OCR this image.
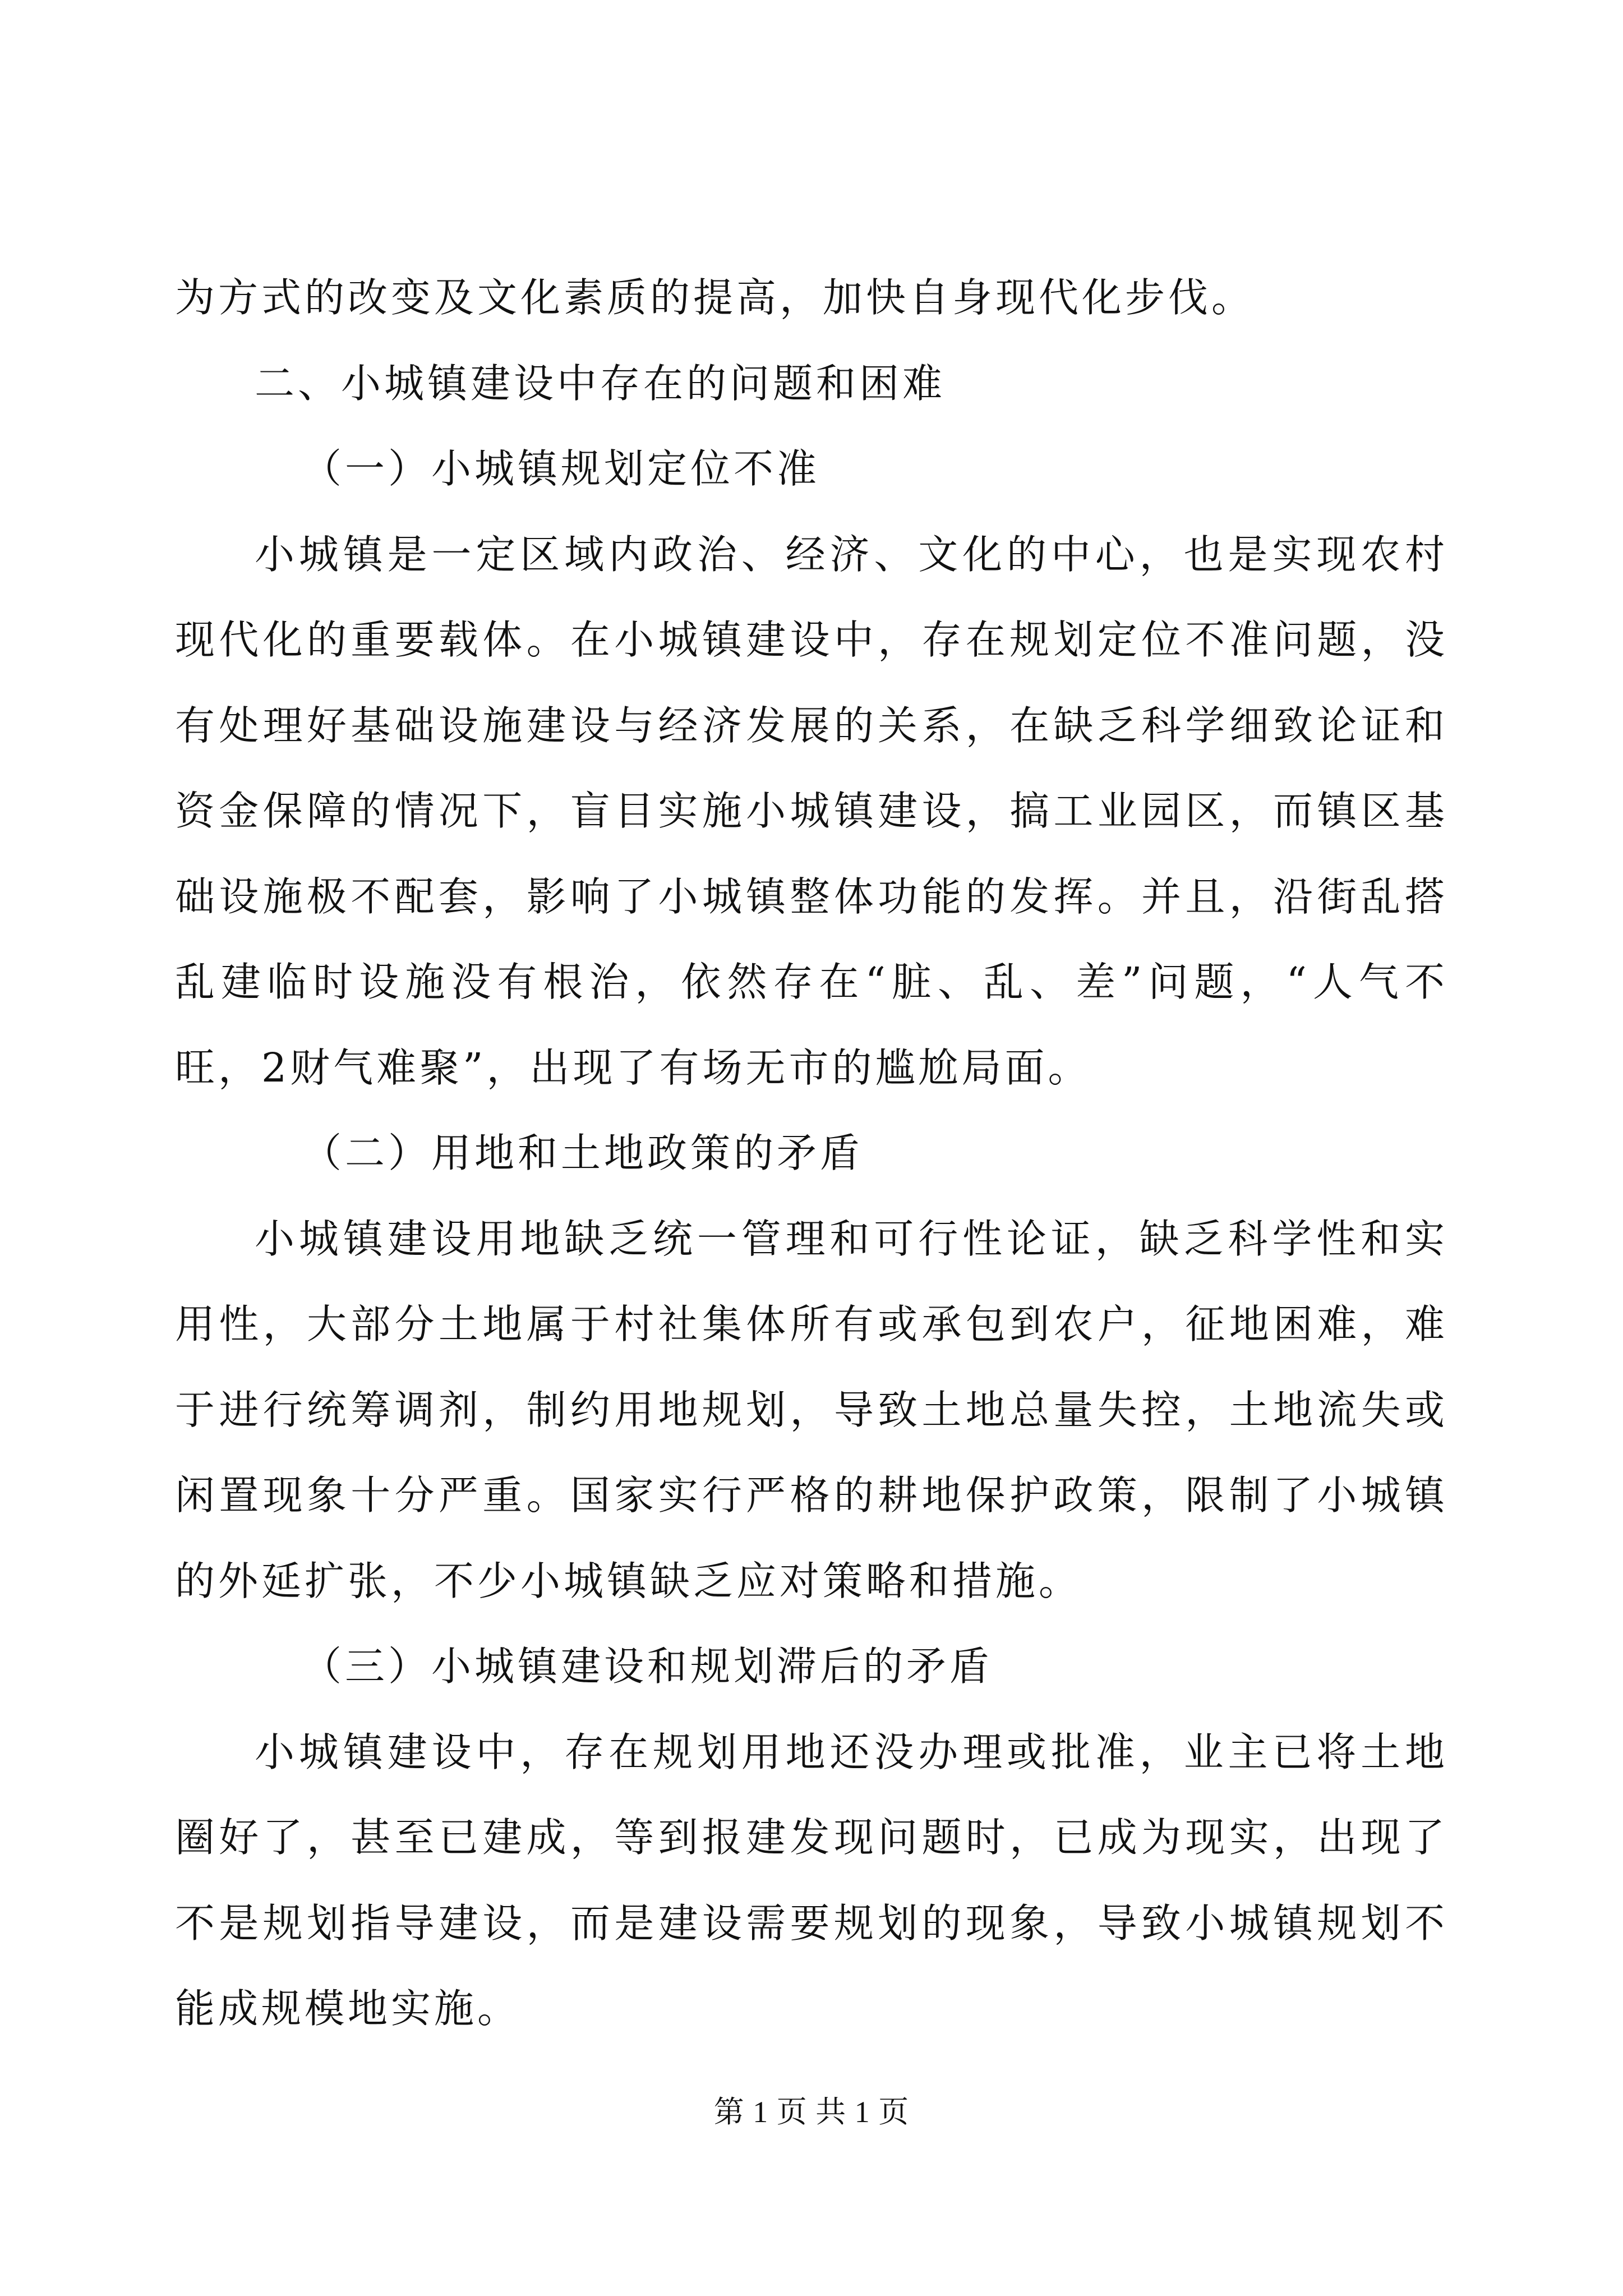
为方式的改变及文化素质的提高，加快自身现代化步伐。

二、小城镇建设中存在的问题和困难

（一）小城镇规划定位不准

小城镇是一定区域内政治、经济、文化的中心，也是实现农村现代化的重要载体。在小城镇建设中，存在规划定位不准问题，没有处理好基础设施建设与经济发展的关系，在缺乏科学细致论证和资金保障的情况下，盲目实施小城镇建设，搞工业园区，而镇区基础设施极不配套，影响了小城镇整体功能的发挥。并且，沿街乱搭乱建临时设施没有根治，依然存在“脏、乱、差”问题，“人气不旺，2财气难聚”，出现了有场无市的尴尬局面。

（二）用地和土地政策的矛盾

小城镇建设用地缺乏统一管理和可行性论证，缺乏科学性和实用性，大部分土地属于村社集体所有或承包到农户，征地困难，难于进行统筹调剂，制约用地规划，导致土地总量失控，土地流失或闲置现象十分严重。国家实行严格的耕地保护政策，限制了小城镇的外延扩张，不少小城镇缺乏应对策略和措施。

（三）小城镇建设和规划滞后的矛盾

小城镇建设中，存在规划用地还没办理或批准，业主已将土地圈好了，甚至已建成，等到报建发现问题时，已成为现实，出现了不是规划指导建设，而是建设需要规划的现象，导致小城镇规划不能成规模地实施。

第 1 页 共 1 页
